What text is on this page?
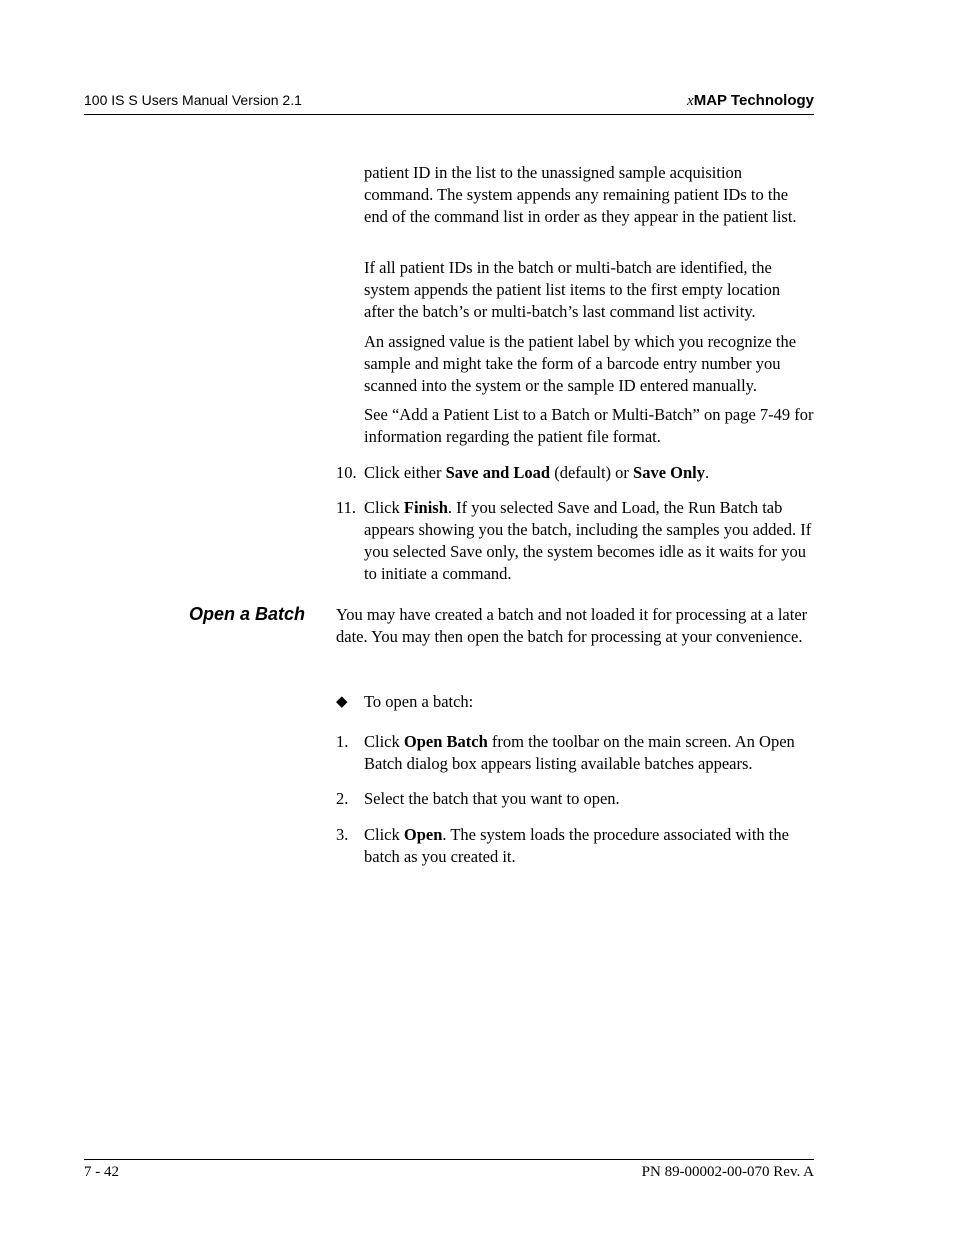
100 IS S Users Manual Version 2.1	xMAP Technology

patient ID in the list to the unassigned sample acquisition command. The system appends any remaining patient IDs to the end of the command list in order as they appear in the patient list.

If all patient IDs in the batch or multi-batch are identified, the system appends the patient list items to the first empty location after the batch’s or multi-batch’s last command list activity.

An assigned value is the patient label by which you recognize the sample and might take the form of a barcode entry number you scanned into the system or the sample ID entered manually.

See “Add a Patient List to a Batch or Multi-Batch” on page 7-49 for information regarding the patient file format.

10. Click either Save and Load (default) or Save Only.
11. Click Finish. If you selected Save and Load, the Run Batch tab appears showing you the batch, including the samples you added. If you selected Save only, the system becomes idle as it waits for you to initiate a command.
Open a Batch You may have created a batch and not loaded it for processing at a later date. You may then open the batch for processing at your convenience.

◆ To open a batch:
1. Click Open Batch from the toolbar on the main screen. An Open Batch dialog box appears listing available batches appears.
2. Select the batch that you want to open.
3. Click Open. The system loads the procedure associated with the batch as you created it.
7 - 42	PN 89-00002-00-070 Rev. A
